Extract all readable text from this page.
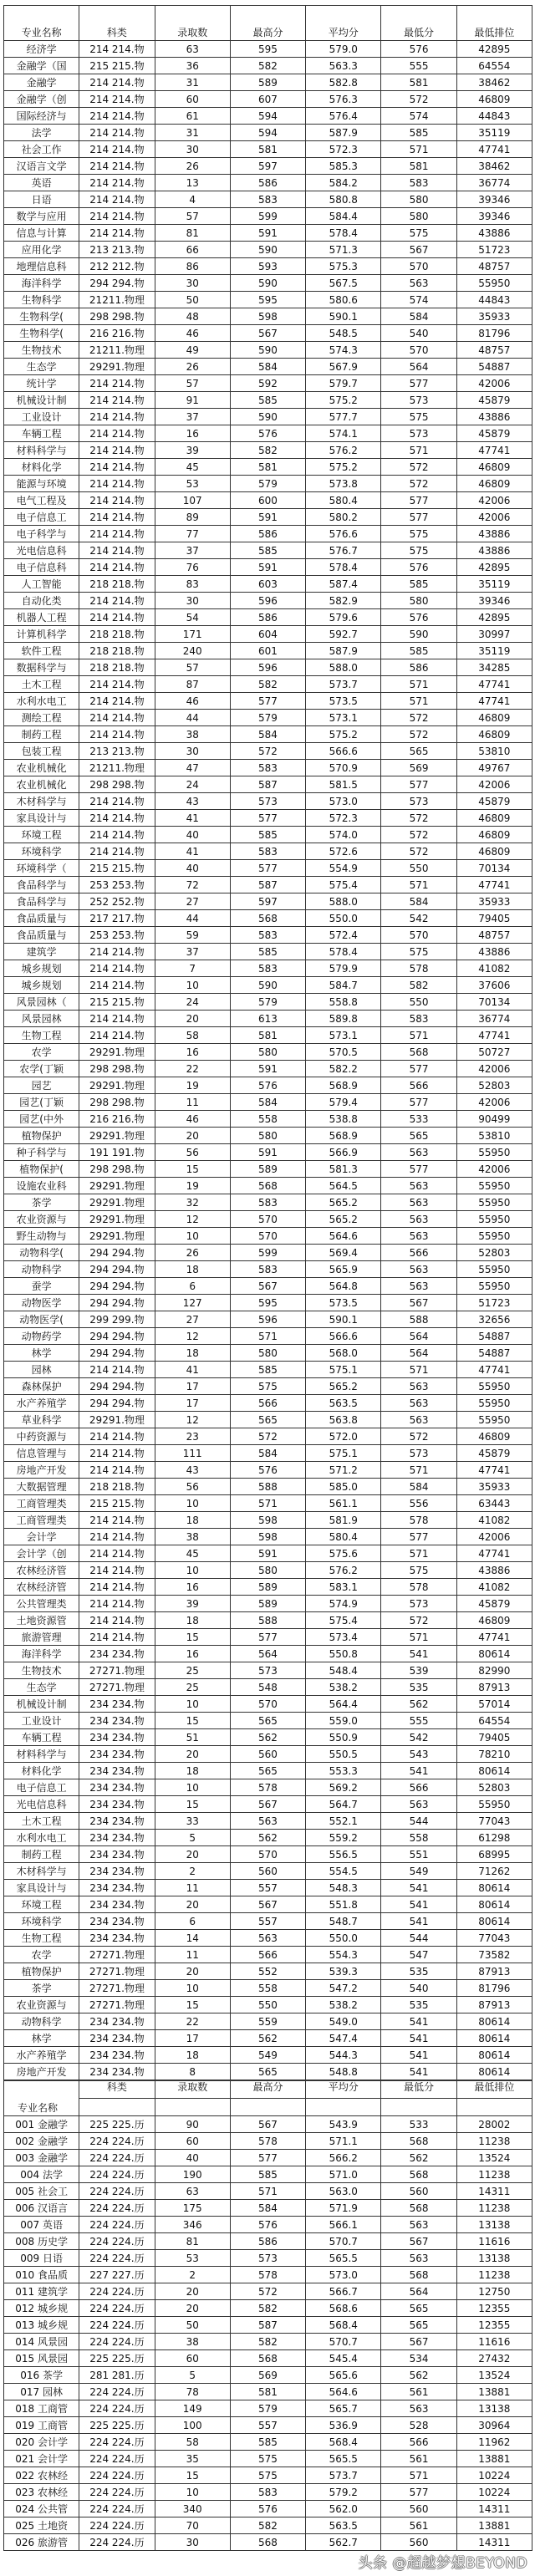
专业名称	科类	录取数	最高分	平均分	最低分	最低排位
经济学	214 214.物	63	595	579.0	576	42895
金融学（国	215 215.物	36	582	563.3	555	64554
金融学	214 214.物	31	589	582.8	581	38462
金融学（创	214 214.物	60	607	576.3	572	46809
国际经济与	214 214.物	61	594	576.4	574	44843
法学	214 214.物	31	594	587.9	585	35119
社会工作	214 214.物	30	581	572.3	571	47741
汉语言文学	214 214.物	26	597	585.3	581	38462
英语	214 214.物	13	586	584.2	583	36774
日语	214 214.物	4	583	580.8	580	39346
数学与应用	214 214.物	57	599	584.4	580	39346
信息与计算	214 214.物	81	591	578.4	575	43886
应用化学	213 213.物	66	590	571.3	567	51723
地理信息科	212 212.物	86	593	575.3	570	48757
海洋科学	294 294.物	30	590	567.5	563	55950
生物科学	21211.物理	50	595	580.6	574	44843
生物科学(	298 298.物	48	598	590.1	584	35933
生物科学(	216 216.物	46	567	548.5	540	81796
生物技术	21211.物理	49	590	574.3	570	48757
生态学	29291.物理	26	584	567.9	564	54887
统计学	214 214.物	57	592	579.7	577	42006
机械设计制	214 214.物	91	585	575.2	573	45879
工业设计	214 214.物	37	590	577.7	575	43886
车辆工程	214 214.物	16	576	574.1	573	45879
材料科学与	214 214.物	39	582	576.2	571	47741
材料化学	214 214.物	45	581	575.2	572	46809
能源与环境	214 214.物	53	579	573.8	572	46809
电气工程及	214 214.物	107	600	580.4	577	42006
电子信息工	214 214.物	89	591	580.2	577	42006
电子科学与	214 214.物	77	586	576.6	575	43886
光电信息科	214 214.物	37	585	576.7	575	43886
电子信息科	214 214.物	76	591	578.4	576	42895
人工智能	218 218.物	83	603	587.4	585	35119
自动化类	214 214.物	30	596	582.9	580	39346
机器人工程	214 214.物	54	586	579.6	576	42895
计算机科学	218 218.物	171	604	592.7	590	30997
软件工程	218 218.物	240	601	587.9	585	35119
数据科学与	218 218.物	57	596	588.0	586	34285
土木工程	214 214.物	87	582	573.7	571	47741
水利水电工	214 214.物	46	577	573.5	571	47741
测绘工程	214 214.物	44	579	573.1	572	46809
制药工程	214 214.物	38	584	575.2	572	46809
包装工程	213 213.物	30	572	566.6	565	53810
农业机械化	21211.物理	47	583	570.9	569	49767
农业机械化	298 298.物	24	587	581.5	577	42006
木材科学与	214 214.物	43	573	573.0	573	45879
家具设计与	214 214.物	41	577	572.3	572	46809
环境工程	214 214.物	40	585	574.0	572	46809
环境科学	214 214.物	41	583	572.6	572	46809
环境科学（	215 215.物	40	577	554.9	550	70134
食品科学与	253 253.物	72	587	575.4	571	47741
食品科学与	252 252.物	27	597	588.0	584	35933
食品质量与	217 217.物	44	568	550.0	542	79405
食品质量与	253 253.物	59	583	572.4	570	48757
建筑学	214 214.物	37	585	578.4	575	43886
城乡规划	214 214.物	7	583	579.9	578	41082
城乡规划	214 214.物	10	590	584.7	582	37606
风景园林（	215 215.物	24	579	558.8	550	70134
风景园林	214 214.物	20	613	589.8	583	36774
生物工程	214 214.物	58	581	573.1	571	47741
农学	29291.物理	16	580	570.5	568	50727
农学(丁颖	298 298.物	22	591	582.2	577	42006
园艺	29291.物理	19	576	568.9	566	52803
园艺(丁颖	298 298.物	11	584	579.4	577	42006
园艺(中外	216 216.物	46	558	538.8	533	90499
植物保护	29291.物理	20	580	568.9	565	53810
种子科学与	191 191.物	56	591	566.9	563	55950
植物保护(	298 298.物	15	589	581.3	577	42006
设施农业科	29291.物理	19	568	564.5	563	55950
茶学	29291.物理	32	583	565.2	563	55950
农业资源与	29291.物理	12	570	565.2	563	55950
野生动物与	29291.物理	10	570	564.6	563	55950
动物科学(	294 294.物	26	599	569.4	566	52803
动物科学	294 294.物	18	583	565.9	563	55950
蚕学	294 294.物	6	567	564.8	563	55950
动物医学	294 294.物	127	595	573.5	567	51723
动物医学(	299 299.物	27	596	590.1	588	32656
动物药学	294 294.物	12	571	566.6	564	54887
林学	294 294.物	18	580	568.0	564	54887
园林	214 214.物	41	585	575.1	571	47741
森林保护	294 294.物	17	575	565.2	563	55950
水产养殖学	294 294.物	17	566	563.5	563	55950
草业科学	29291.物理	12	565	563.8	563	55950
中药资源与	214 214.物	23	572	572.0	572	46809
信息管理与	214 214.物	111	584	575.1	573	45879
房地产开发	214 214.物	43	576	571.2	571	47741
大数据管理	218 218.物	56	588	585.0	584	35933
工商管理类	215 215.物	10	571	561.1	556	63443
工商管理类	214 214.物	18	598	581.9	578	41082
会计学	214 214.物	38	598	580.4	577	42006
会计学（创	214 214.物	45	591	575.6	571	47741
农林经济管	214 214.物	10	580	576.2	575	43886
农林经济管	214 214.物	16	589	583.1	578	41082
公共管理类	214 214.物	39	589	574.9	573	45879
土地资源管	214 214.物	18	588	575.4	572	46809
旅游管理	214 214.物	15	577	573.4	571	47741
海洋科学	234 234.物	16	564	550.8	541	80614
生物技术	27271.物理	25	573	548.4	539	82990
生态学	27271.物理	25	548	538.2	535	87913
机械设计制	234 234.物	10	570	564.4	562	57014
工业设计	234 234.物	15	565	559.0	555	64554
车辆工程	234 234.物	51	562	550.9	542	79405
材料科学与	234 234.物	20	560	550.5	543	78210
材料化学	234 234.物	18	565	553.3	541	80614
电子信息工	234 234.物	10	578	569.2	566	52803
光电信息科	234 234.物	15	567	564.7	563	55950
土木工程	234 234.物	33	563	552.1	544	77043
水利水电工	234 234.物	5	562	559.2	558	61298
制药工程	234 234.物	20	570	556.5	551	68995
木材科学与	234 234.物	2	560	554.5	549	71262
家具设计与	234 234.物	11	557	548.3	541	80614
环境工程	234 234.物	20	567	551.8	541	80614
环境科学	234 234.物	6	557	548.7	541	80614
生物工程	234 234.物	14	563	550.0	544	77043
农学	27271.物理	11	566	554.3	547	73582
植物保护	27271.物理	20	552	539.3	535	87913
茶学	27271.物理	10	558	547.2	540	81796
农业资源与	27271.物理	15	550	538.2	535	87913
动物科学	234 234.物	22	559	549.0	541	80614
林学	234 234.物	17	562	547.4	541	80614
水产养殖学	234 234.物	18	549	544.3	541	80614
房地产开发	234 234.物	8	565	548.8	541	80614
专业名称	科类	录取数	最高分	平均分	最低分	最低排位

001 金融学	225 225.历	90	567	543.9	533	28002
002 金融学	224 224.历	60	578	571.1	568	11238
003 金融学	224 224.历	40	577	566.2	562	13524
004 法学	224 224.历	190	585	571.0	568	11238
005 社会工	224 224.历	63	571	563.0	560	14311
006 汉语言	224 224.历	175	584	571.9	568	11238
007 英语	224 224.历	346	576	566.1	563	13138
008 历史学	224 224.历	81	586	570.7	567	11616
009 日语	224 224.历	53	573	565.5	563	13138
010 食品质	227 227.历	2	578	573.0	568	11238
011 建筑学	224 224.历	20	572	566.7	564	12750
012 城乡规	224 224.历	20	582	568.6	565	12355
013 城乡规	224 224.历	50	587	568.4	565	12355
014 风景园	224 224.历	38	582	570.7	567	11616
015 风景园	225 225.历	60	568	545.4	534	27432
016 茶学	281 281.历	5	569	565.6	562	13524
017 园林	224 224.历	78	581	564.6	561	13881
018 工商管	224 224.历	149	579	565.7	563	13138
019 工商管	225 225.历	100	557	536.9	528	30964
020 会计学	224 224.历	58	585	568.4	566	11962
021 会计学	224 224.历	35	575	565.5	561	13881
022 农林经	224 224.历	15	575	573.7	571	10224
023 农林经	224 224.历	10	583	579.2	577	10224
024 公共管	224 224.历	340	576	562.0	560	14311
025 土地资	224 224.历	70	582	563.5	561	13881
026 旅游管	224 224.历	30	568	562.7	560	14311
头条 @超越梦想BEYOND
